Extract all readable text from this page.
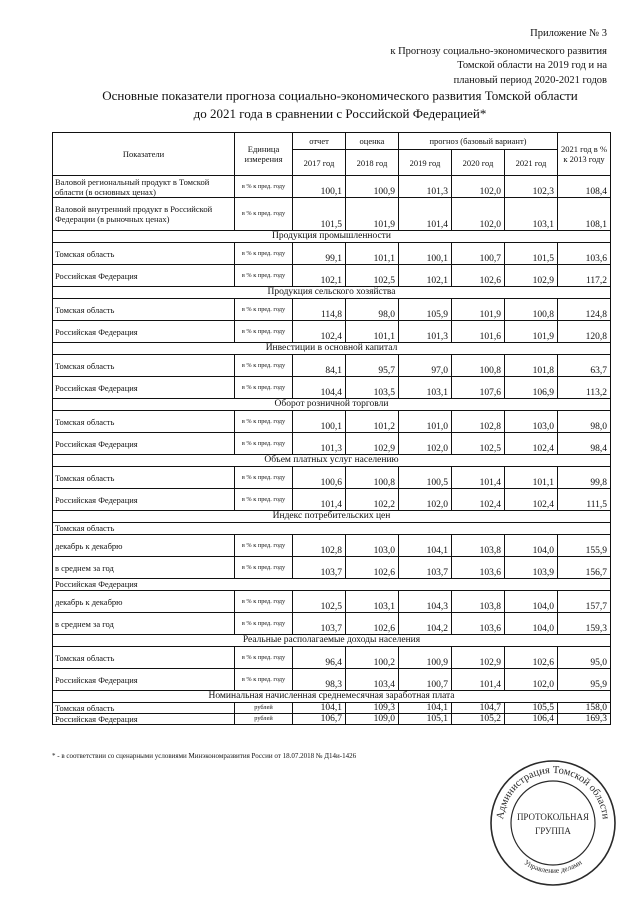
Приложение № 3
к Прогнозу социально-экономического развития
Томской области на 2019 год и на
плановый период 2020-2021 годов
Основные показатели прогноза социально-экономического развития Томской области
до 2021 года в сравнении с Российской Федерацией*
Показатели	Единица измерения	отчет	оценка	прогноз (базовый вариант)			2021 год в % к 2013 году
		2017 год	2018 год	2019 год	2020 год	2021 год	
Валовой региональный продукт в Томской области (в основных ценах)	в % к пред. году	100,1	100,9	101,3	102,0	102,3	108,4
Валовой внутренний продукт в Российской Федерации (в рыночных ценах)	в % к пред. году	101,5	101,9	101,4	102,0	103,1	108,1
Продукция промышленности							
Томская область	в % к пред. году	99,1	101,1	100,1	100,7	101,5	103,6
Российская Федерация	в % к пред. году	102,1	102,5	102,1	102,6	102,9	117,2
Продукция сельского хозяйства							
Томская область	в % к пред. году	114,8	98,0	105,9	101,9	100,8	124,8
Российская Федерация	в % к пред. году	102,4	101,1	101,3	101,6	101,9	120,8
Инвестиции в основной капитал							
Томская область	в % к пред. году	84,1	95,7	97,0	100,8	101,8	63,7
Российская Федерация	в % к пред. году	104,4	103,5	103,1	107,6	106,9	113,2
Оборот розничной торговли							
Томская область	в % к пред. году	100,1	101,2	101,0	102,8	103,0	98,0
Российская Федерация	в % к пред. году	101,3	102,9	102,0	102,5	102,4	98,4
Объем платных услуг населению							
Томская область	в % к пред. году	100,6	100,8	100,5	101,4	101,1	99,8
Российская Федерация	в % к пред. году	101,4	102,2	102,0	102,4	102,4	111,5
Индекс потребительских цен							
Томская область							
декабрь к декабрю	в % к пред. году	102,8	103,0	104,1	103,8	104,0	155,9
в среднем за год	в % к пред. году	103,7	102,6	103,7	103,6	103,9	156,7
Российская Федерация							
декабрь к декабрю	в % к пред. году	102,5	103,1	104,3	103,8	104,0	157,7
в среднем за год	в % к пред. году	103,7	102,6	104,2	103,6	104,0	159,3
Реальные располагаемые доходы населения							
Томская область	в % к пред. году	96,4	100,2	100,9	102,9	102,6	95,0
Российская Федерация	в % к пред. году	98,3	103,4	100,7	101,4	102,0	95,9
Номинальная начисленная среднемесячная заработная плата							
Томская область	рублей	104,1	109,3	104,1	104,7	105,5	158,0
Российская Федерация	рублей	106,7	109,0	105,1	105,2	106,4	169,3
* - в соответствии со сценарными условиями Минэкономразвития России от 18.07.2018 № Д14и-1426
Администрация Томской области
Управление делами
ПРОТОКОЛЬНАЯ
ГРУППА
